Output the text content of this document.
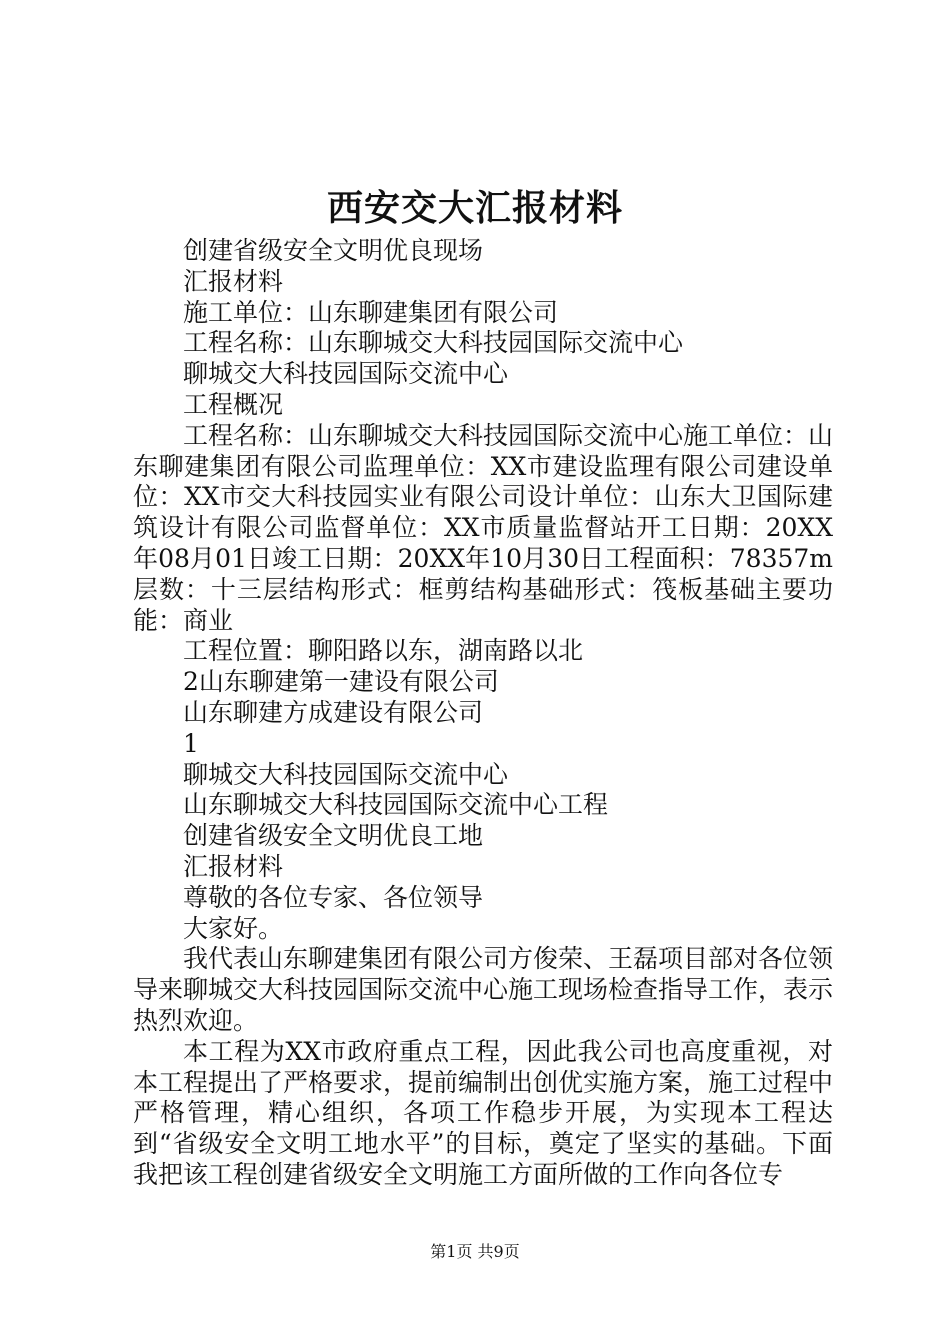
西安交大汇报材料

创建省级安全文明优良现场

汇报材料

施工单位：山东聊建集团有限公司

工程名称：山东聊城交大科技园国际交流中心

聊城交大科技园国际交流中心

工程概况

工程名称：山东聊城交大科技园国际交流中心施工单位：山东聊建集团有限公司监理单位：XX市建设监理有限公司建设单位：XX市交大科技园实业有限公司设计单位：山东大卫国际建筑设计有限公司监督单位：XX市质量监督站开工日期：20XX年08月01日竣工日期：20XX年10月30日工程面积：78357m层数：十三层结构形式：框剪结构基础形式：筏板基础主要功能：商业

工程位置：聊阳路以东，湖南路以北

2山东聊建第一建设有限公司

山东聊建方成建设有限公司

1

聊城交大科技园国际交流中心

山东聊城交大科技园国际交流中心工程

创建省级安全文明优良工地

汇报材料

尊敬的各位专家、各位领导

大家好。

我代表山东聊建集团有限公司方俊荣、王磊项目部对各位领导来聊城交大科技园国际交流中心施工现场检查指导工作，表示热烈欢迎。

本工程为XX市政府重点工程，因此我公司也高度重视，对本工程提出了严格要求，提前编制出创优实施方案，施工过程中严格管理，精心组织，各项工作稳步开展，为实现本工程达到“省级安全文明工地水平”的目标，奠定了坚实的基础。下面我把该工程创建省级安全文明施工方面所做的工作向各位专

第1页 共9页
